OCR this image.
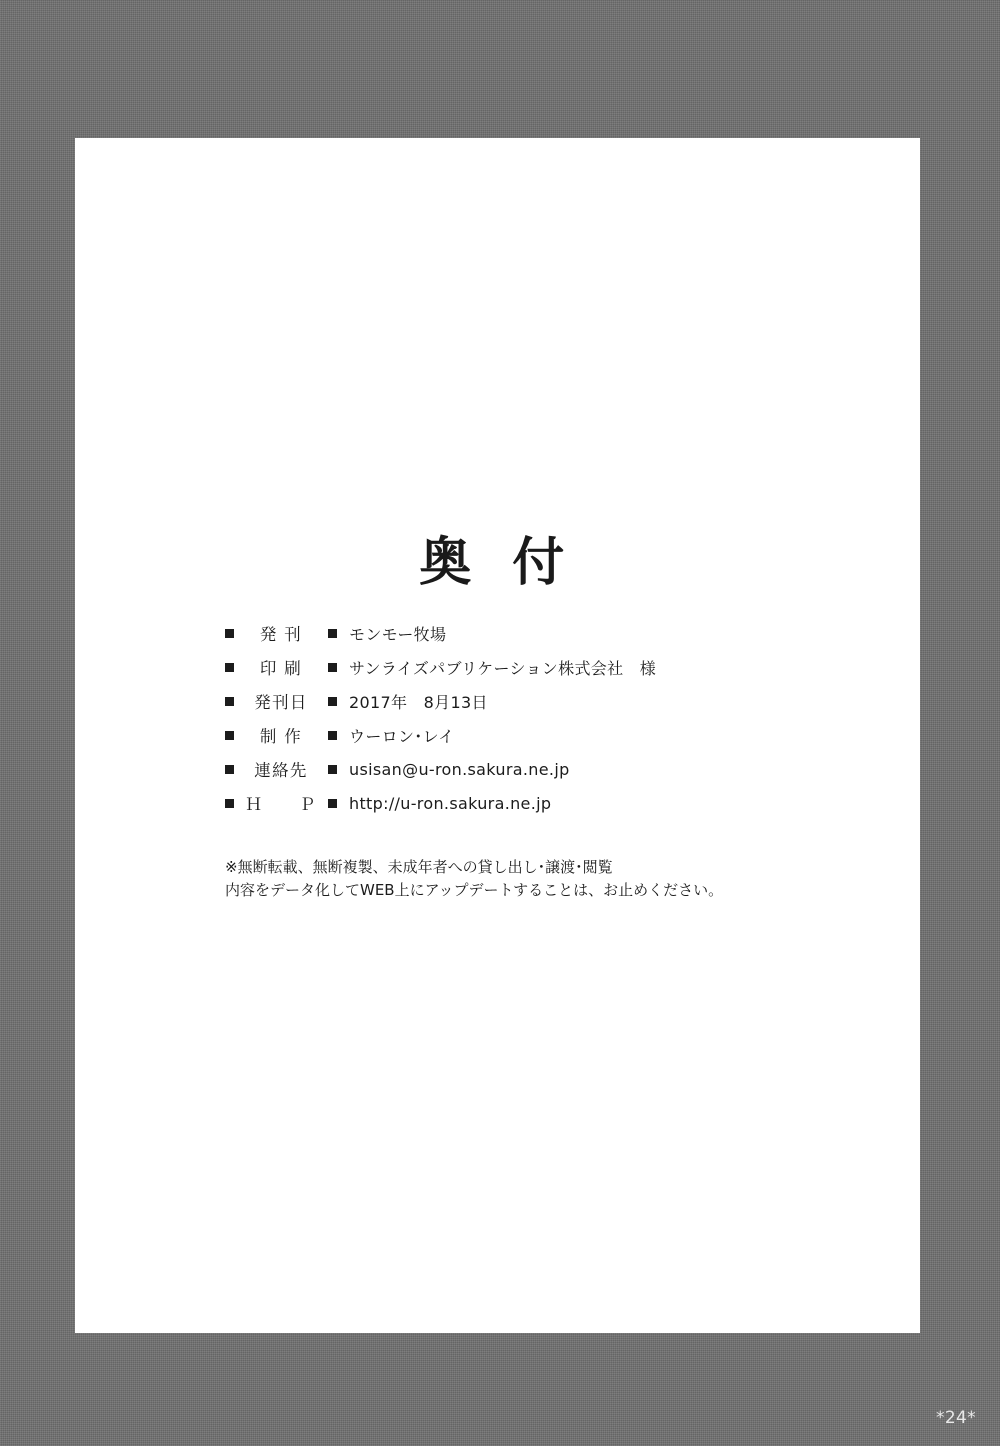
奥 付
発 刊	モンモー牧場
印 刷	サンライズパブリケーション株式会社　様
発刊日	2017年　8月13日
制 作	ウーロン･レイ
連絡先	usisan@u-ron.sakura.ne.jp
Ｈ　　Ｐ http://u-ron.sakura.ne.jp
※無断転載、無断複製、未成年者への貸し出し･譲渡･閲覧
内容をデータ化してWEB上にアップデートすることは、お止めください。
*24*
